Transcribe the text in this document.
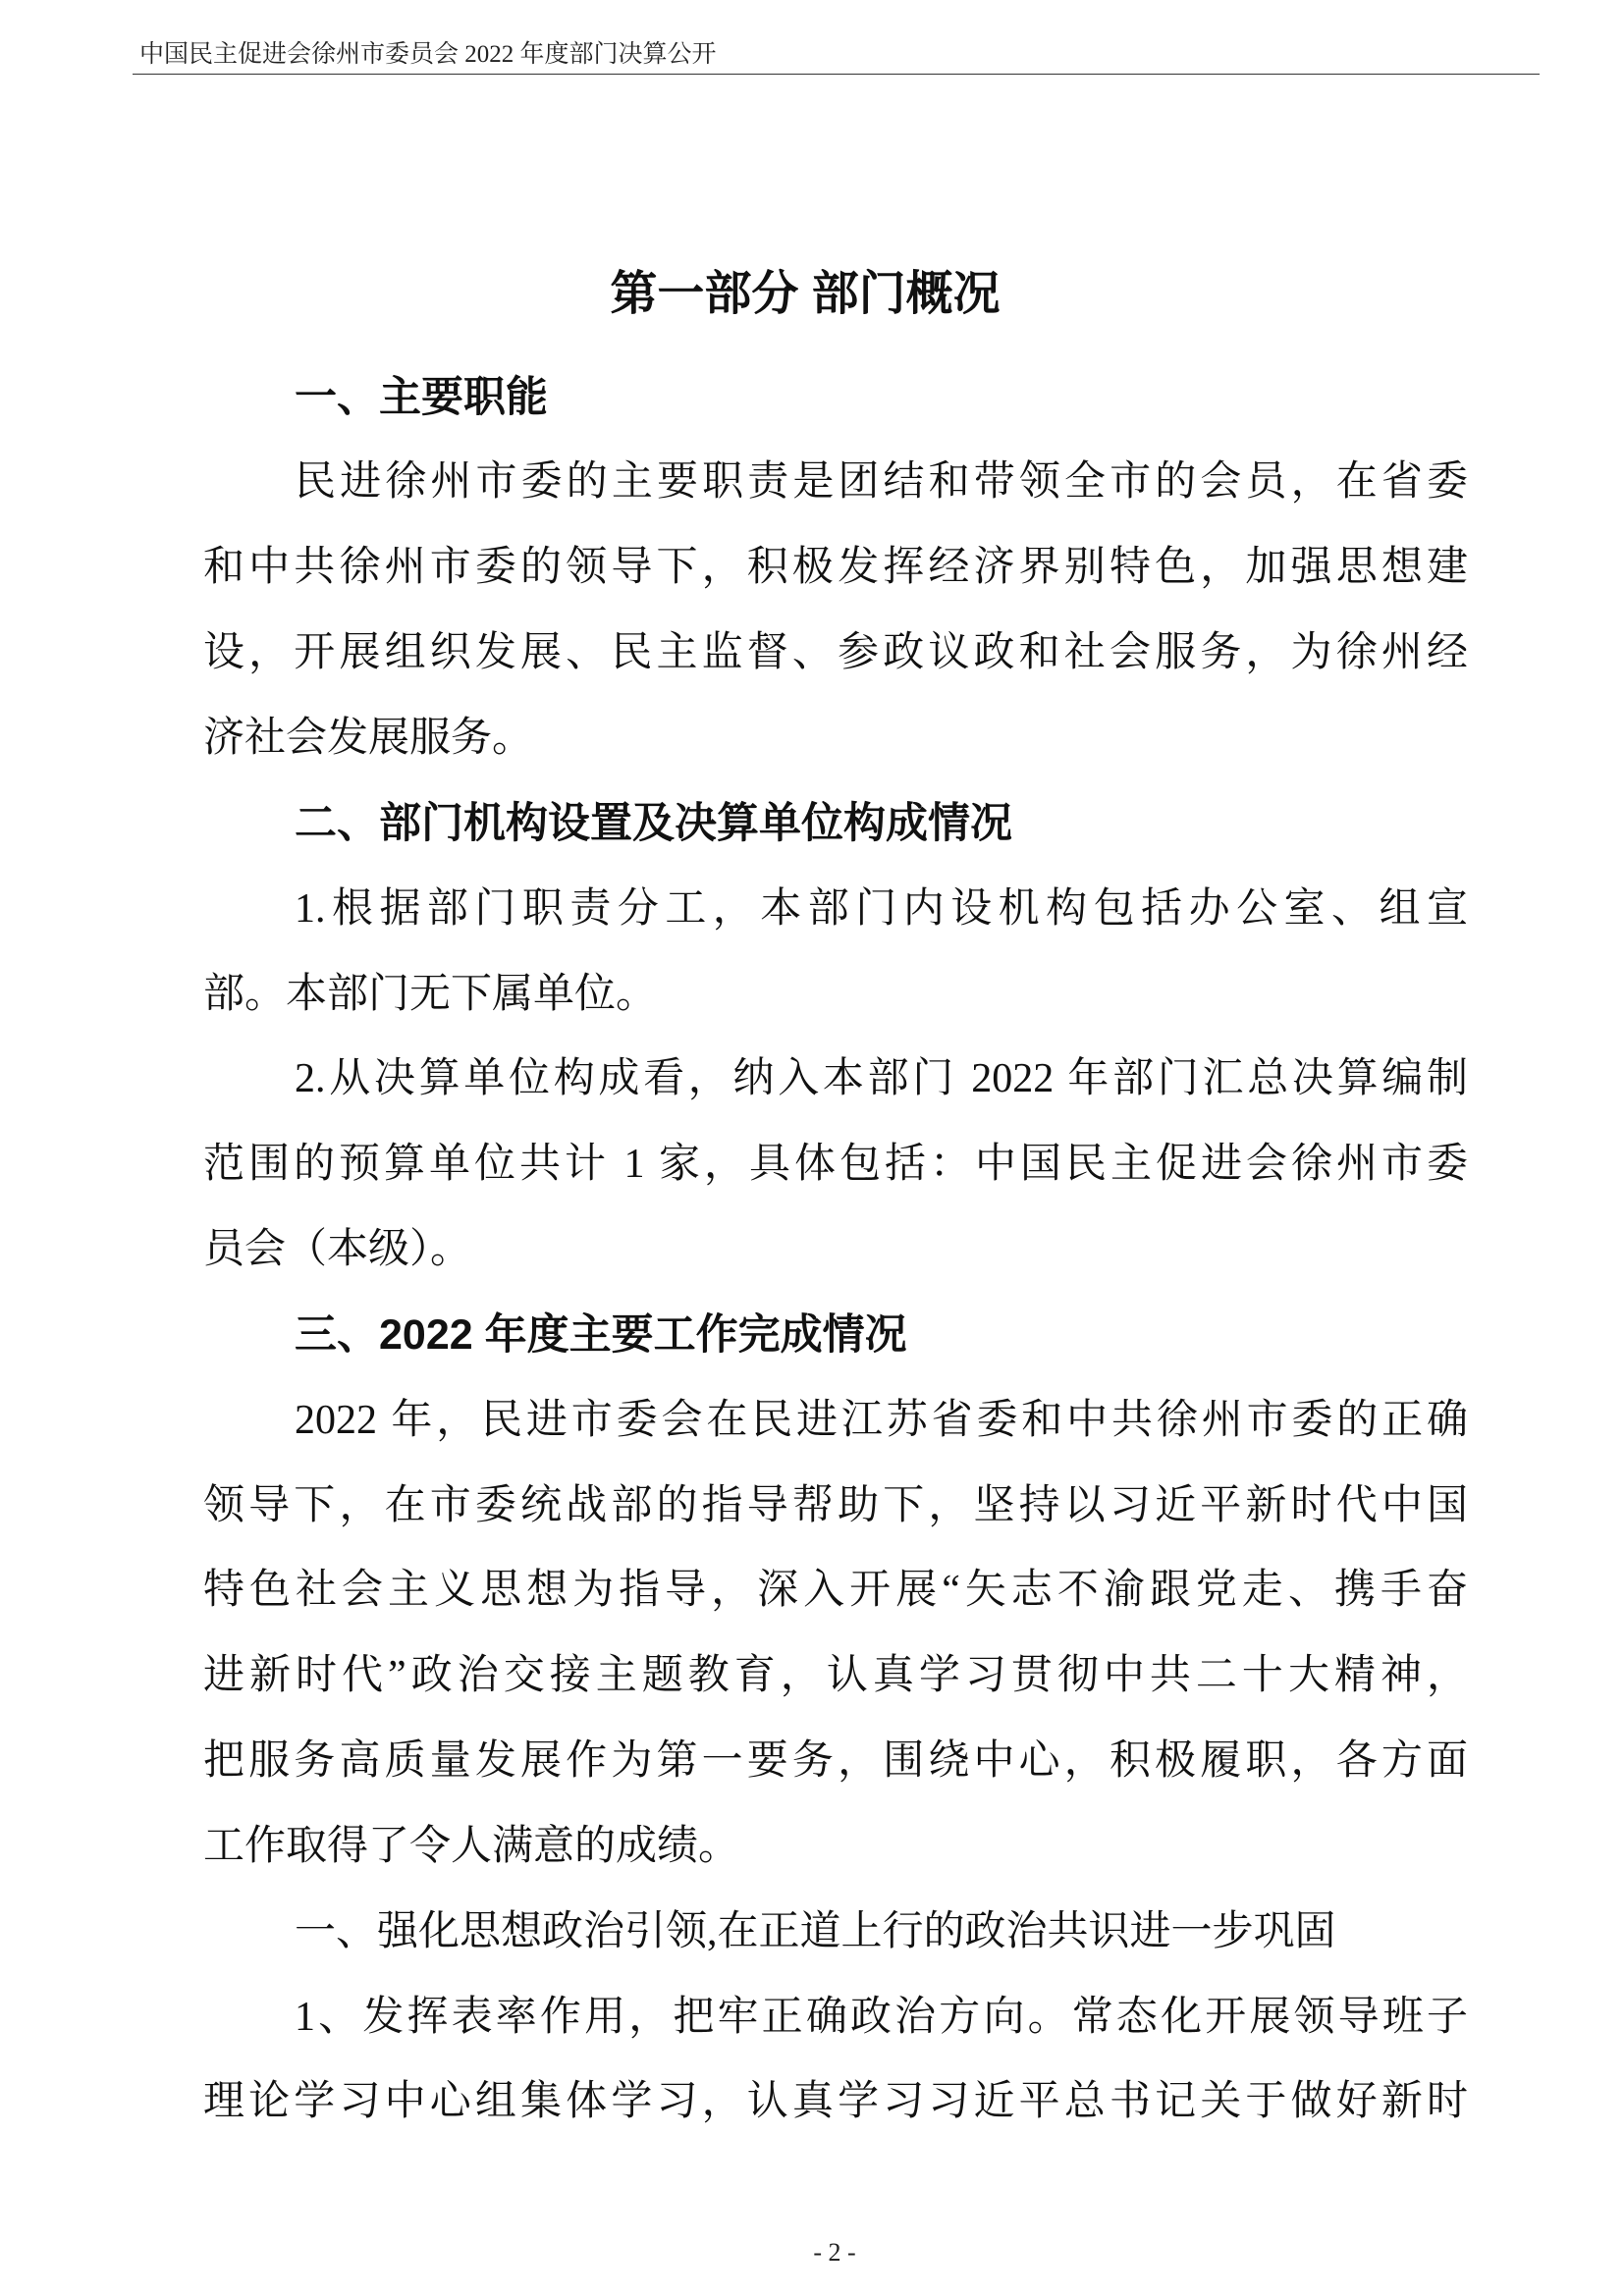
中国民主促进会徐州市委员会 2022 年度部门决算公开
第一部分 部门概况
一、主要职能
民进徐州市委的主要职责是团结和带领全市的会员，在省委
和中共徐州市委的领导下，积极发挥经济界别特色，加强思想建
设，开展组织发展、民主监督、参政议政和社会服务，为徐州经
济社会发展服务。
二、部门机构设置及决算单位构成情况
1.根据部门职责分工，本部门内设机构包括办公室、组宣
部。本部门无下属单位。
2.从决算单位构成看，纳入本部门 2022 年部门汇总决算编制
范围的预算单位共计 1 家，具体包括：中国民主促进会徐州市委
员会（本级）。
三、2022 年度主要工作完成情况
2022 年，民进市委会在民进江苏省委和中共徐州市委的正确
领导下，在市委统战部的指导帮助下，坚持以习近平新时代中国
特色社会主义思想为指导，深入开展“矢志不渝跟党走、携手奋
进新时代”政治交接主题教育，认真学习贯彻中共二十大精神，
把服务高质量发展作为第一要务，围绕中心，积极履职，各方面
工作取得了令人满意的成绩。
一、强化思想政治引领,在正道上行的政治共识进一步巩固
1、发挥表率作用，把牢正确政治方向。常态化开展领导班子
理论学习中心组集体学习，认真学习习近平总书记关于做好新时
- 2 -
